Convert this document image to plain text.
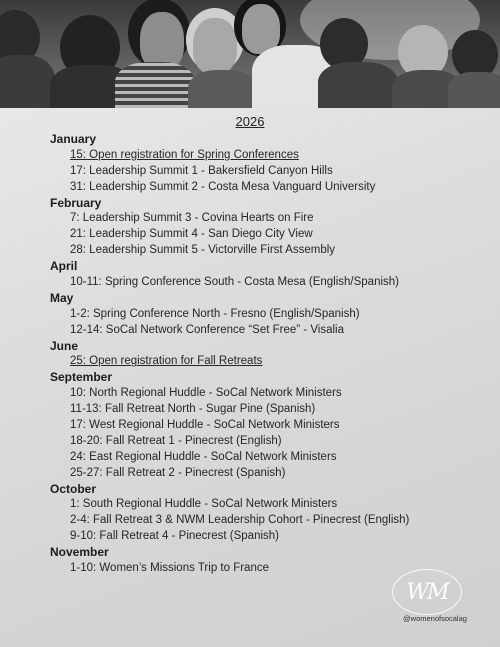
2026
January
15: Open registration for Spring Conferences
17: Leadership Summit 1 - Bakersfield Canyon Hills
31: Leadership Summit 2 - Costa Mesa Vanguard University
February
7: Leadership Summit 3 - Covina Hearts on Fire
21: Leadership Summit 4 - San Diego City View
28: Leadership Summit 5 - Victorville First Assembly
April
10-11: Spring Conference South - Costa Mesa (English/Spanish)
May
1-2: Spring Conference North - Fresno (English/Spanish)
12-14: SoCal Network Conference “Set Free” - Visalia
June
25: Open registration for Fall Retreats
September
10: North Regional Huddle - SoCal Network Ministers
11-13: Fall Retreat North - Sugar Pine (Spanish)
17: West Regional Huddle - SoCal Network Ministers
18-20: Fall Retreat 1 - Pinecrest (English)
24: East Regional Huddle - SoCal Network Ministers
25-27: Fall Retreat 2 - Pinecrest (Spanish)
October
1: South Regional Huddle - SoCal Network Ministers
2-4: Fall Retreat 3 & NWM Leadership Cohort - Pinecrest (English)
9-10: Fall Retreat 4 - Pinecrest (Spanish)
November
1-10: Women’s Missions Trip to France
WM
@womenofsocalag
